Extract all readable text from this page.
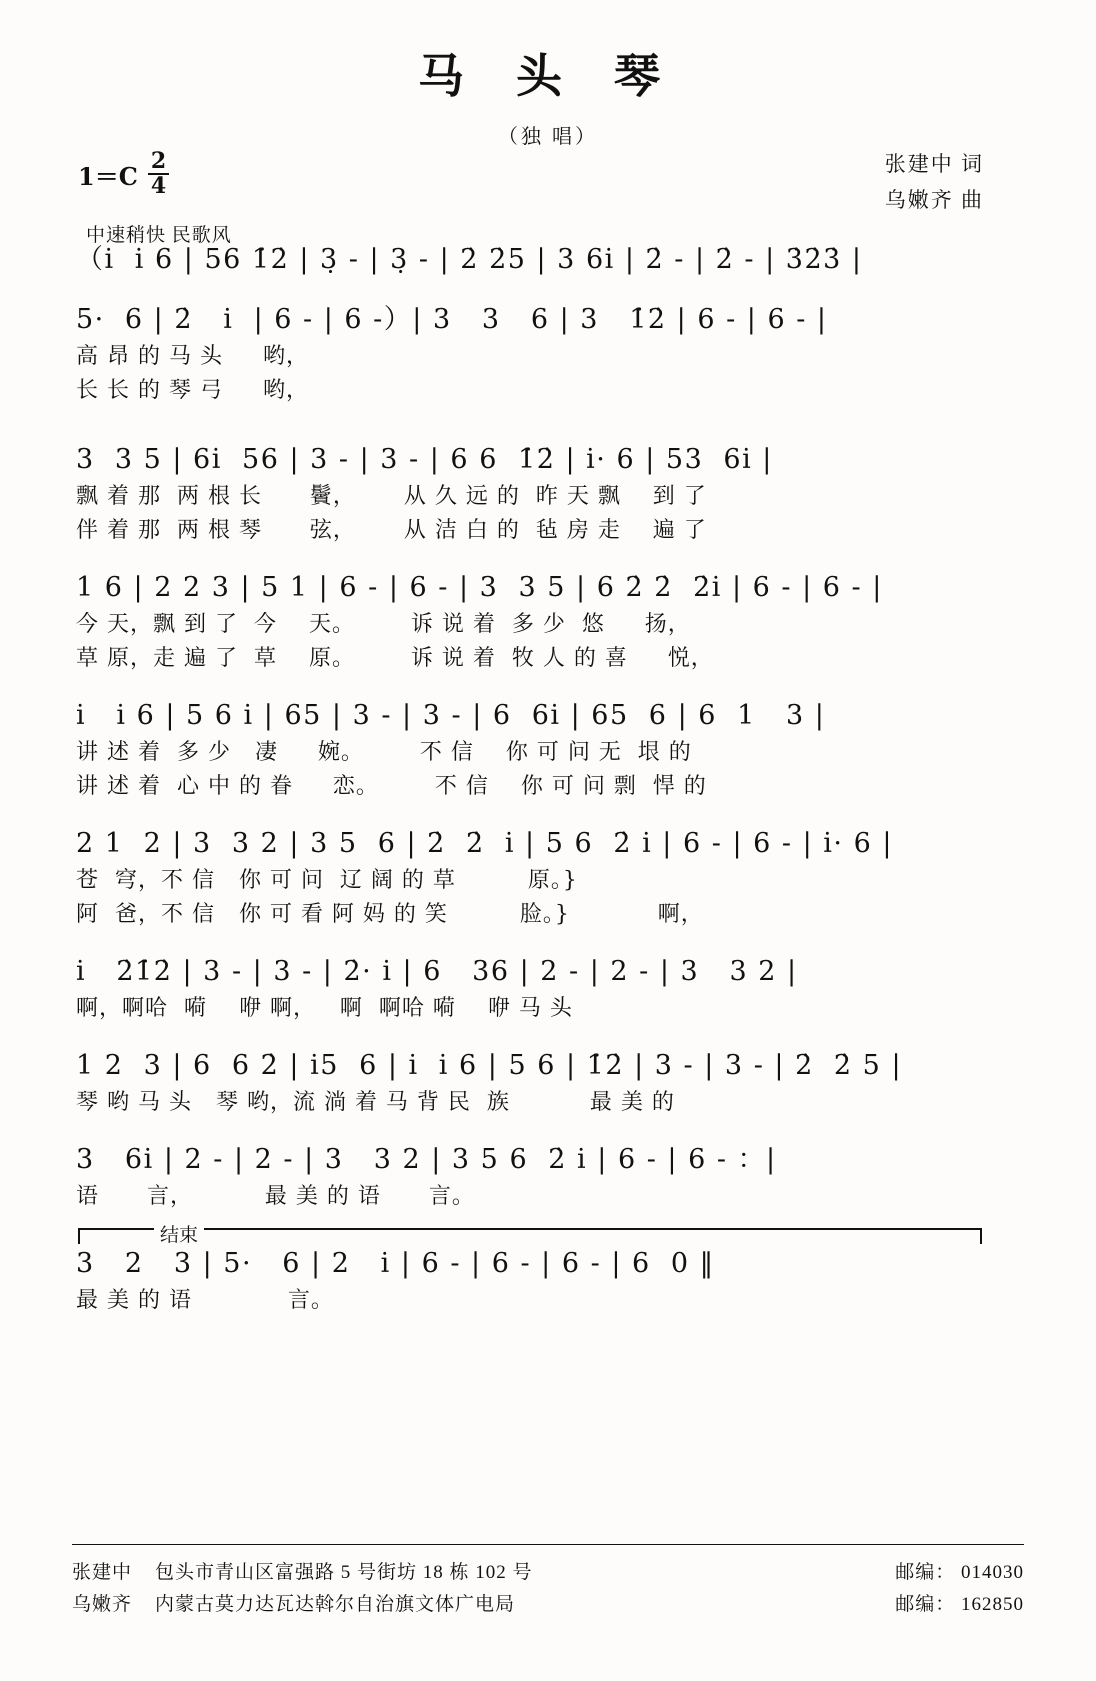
马 头 琴
（独 唱）
张建中 词
乌嫩齐 曲
$1=C \frac{2}{4}$
中速稍快 民歌风
（i  i 6 | 56 1̇2̇ | 3̣ - | 3̣ - | 2̇ 2̇5 | 3 6i | 2̇ - | 2̇ - | 3̇2̇3̇ |
5·  6 | 2̇   i  | 6 - | 6 -）| 3   3   6 | 3   1̇2̇ | 6 - | 6 - |
高 昂 的 马 头     哟，
长 长 的 琴 弓     哟，
3  3 5 | 6i  56 | 3 - | 3 - | 6 6  1̇2̇ | i· 6 | 53  6i |
飘 着 那  两 根 长      鬢，      从 久 远 的  昨 天 飘    到 了
伴 着 那  两 根 琴      弦，      从 洁 白 的  毡 房 走    遍 了
1 6 | 2 2 3 | 5 1 | 6 - | 6 - | 3  3 5 | 6 2̇ 2̇  2̇i | 6 - | 6 - |
今 天，飘 到 了  今    天。       诉 说 着  多 少  悠     扬，
草 原，走 遍 了  草    原。       诉 说 着  牧 人 的 喜     悦，
i   i 6 | 5 6 i | 65 | 3 - | 3 - | 6  6i | 65  6 | 6  1   3 |
讲 述 着  多 少   凄     婉。       不 信    你 可 问 无  垠 的
讲 述 着  心 中 的 眷     恋。       不 信    你 可 问 剽  悍 的
2 1  2 | 3  3 2 | 3 5  6 | 2̇  2̇  i | 5 6  2̇ i | 6 - | 6 - | i· 6 |
苍  穹，不 信   你 可 问  辽 阔 的 草         原。}
阿  爸，不 信   你 可 看 阿 妈 的 笑         脸。}           啊，
i   2̇1̇2̇ | 3 - | 3 - | 2̇· i | 6   36 | 2 - | 2 - | 3   3 2 |
啊，啊哈  嗬    咿 啊，   啊  啊哈 嗬    咿 马 头
1 2  3 | 6  6 2̇ | i5  6 | i  i 6 | 5 6 | 1̇2̇ | 3 - | 3 - | 2̇  2̇ 5 |
琴 哟 马 头   琴 哟，流 淌 着 马 背 民  族          最 美 的
3   6i | 2 - | 2 - | 3   3 2 | 3 5 6  2̇ i | 6 - | 6 - ：|
语      言，         最 美 的 语      言。
结束
3   2   3 | 5·   6 | 2   i | 6 - | 6 - | 6 - | 6  0 ‖
最 美 的 语            言。
张建中 包头市青山区富强路 5 号街坊 18 栋 102 号	邮编： 014030
乌嫩齐 内蒙古莫力达瓦达斡尔自治旗文体广电局	邮编： 162850
